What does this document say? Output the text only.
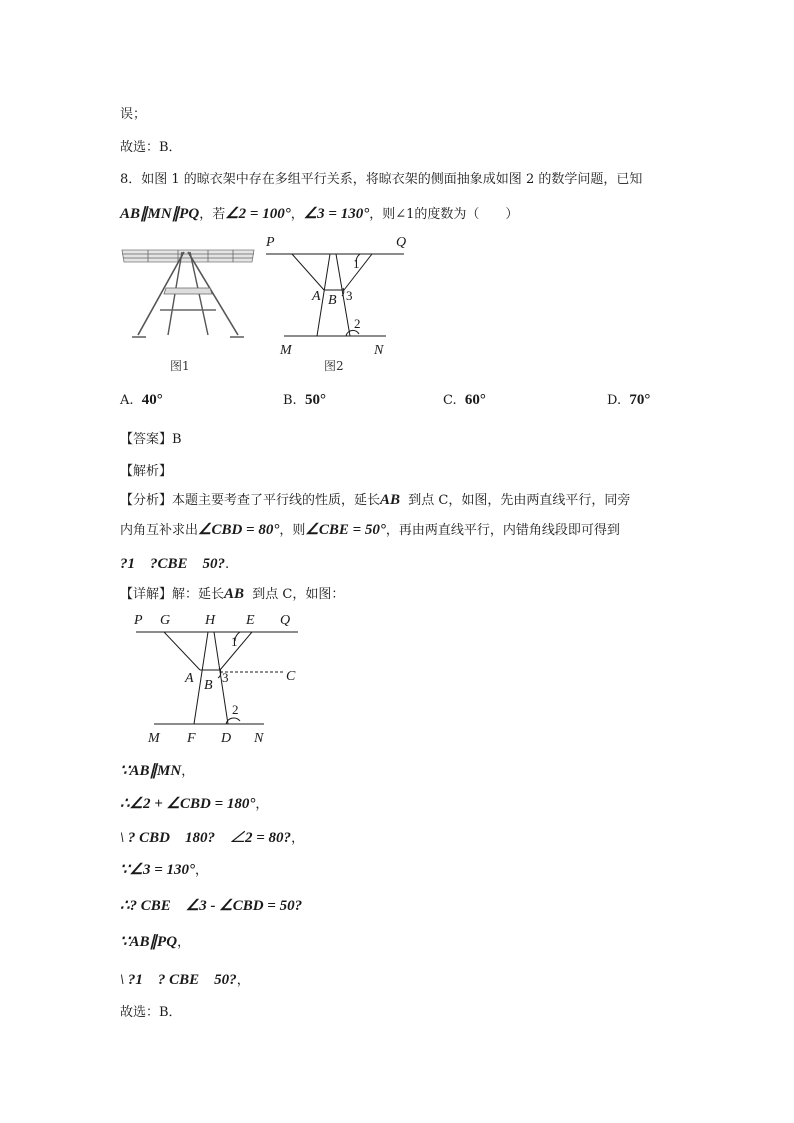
误；
故选：B．
8．如图 1 的晾衣架中存在多组平行关系，将晾衣架的侧面抽象成如图 2 的数学问题，已知
AB∥MN∥PQ，若∠2 = 100°，∠3 = 130°，则∠1的度数为（　　）
图1
P	Q
1
A B 3
2
M	N
图2
A. 40°	B. 50°	C. 60°	D. 70°
【答案】B
【解析】
【分析】本题主要考查了平行线的性质，延长AB 到点 C，如图，先由两直线平行，同旁
内角互补求出∠CBD = 80°，则∠CBE = 50°，再由两直线平行，内错角线段即可得到
?1　?CBE　50?.
【详解】解：延长AB 到点 C，如图：
P G H E Q
1
A B
3	C
2
M F D N
∵AB∥MN，
∴∠2 + ∠CBD = 180°，
\ ? CBD　180?　∠2 = 80?，
∵∠3 = 130°，
∴? CBE　∠3 - ∠CBD = 50?
∵AB∥PQ，
\ ?1　? CBE　50?，
故选：B．
